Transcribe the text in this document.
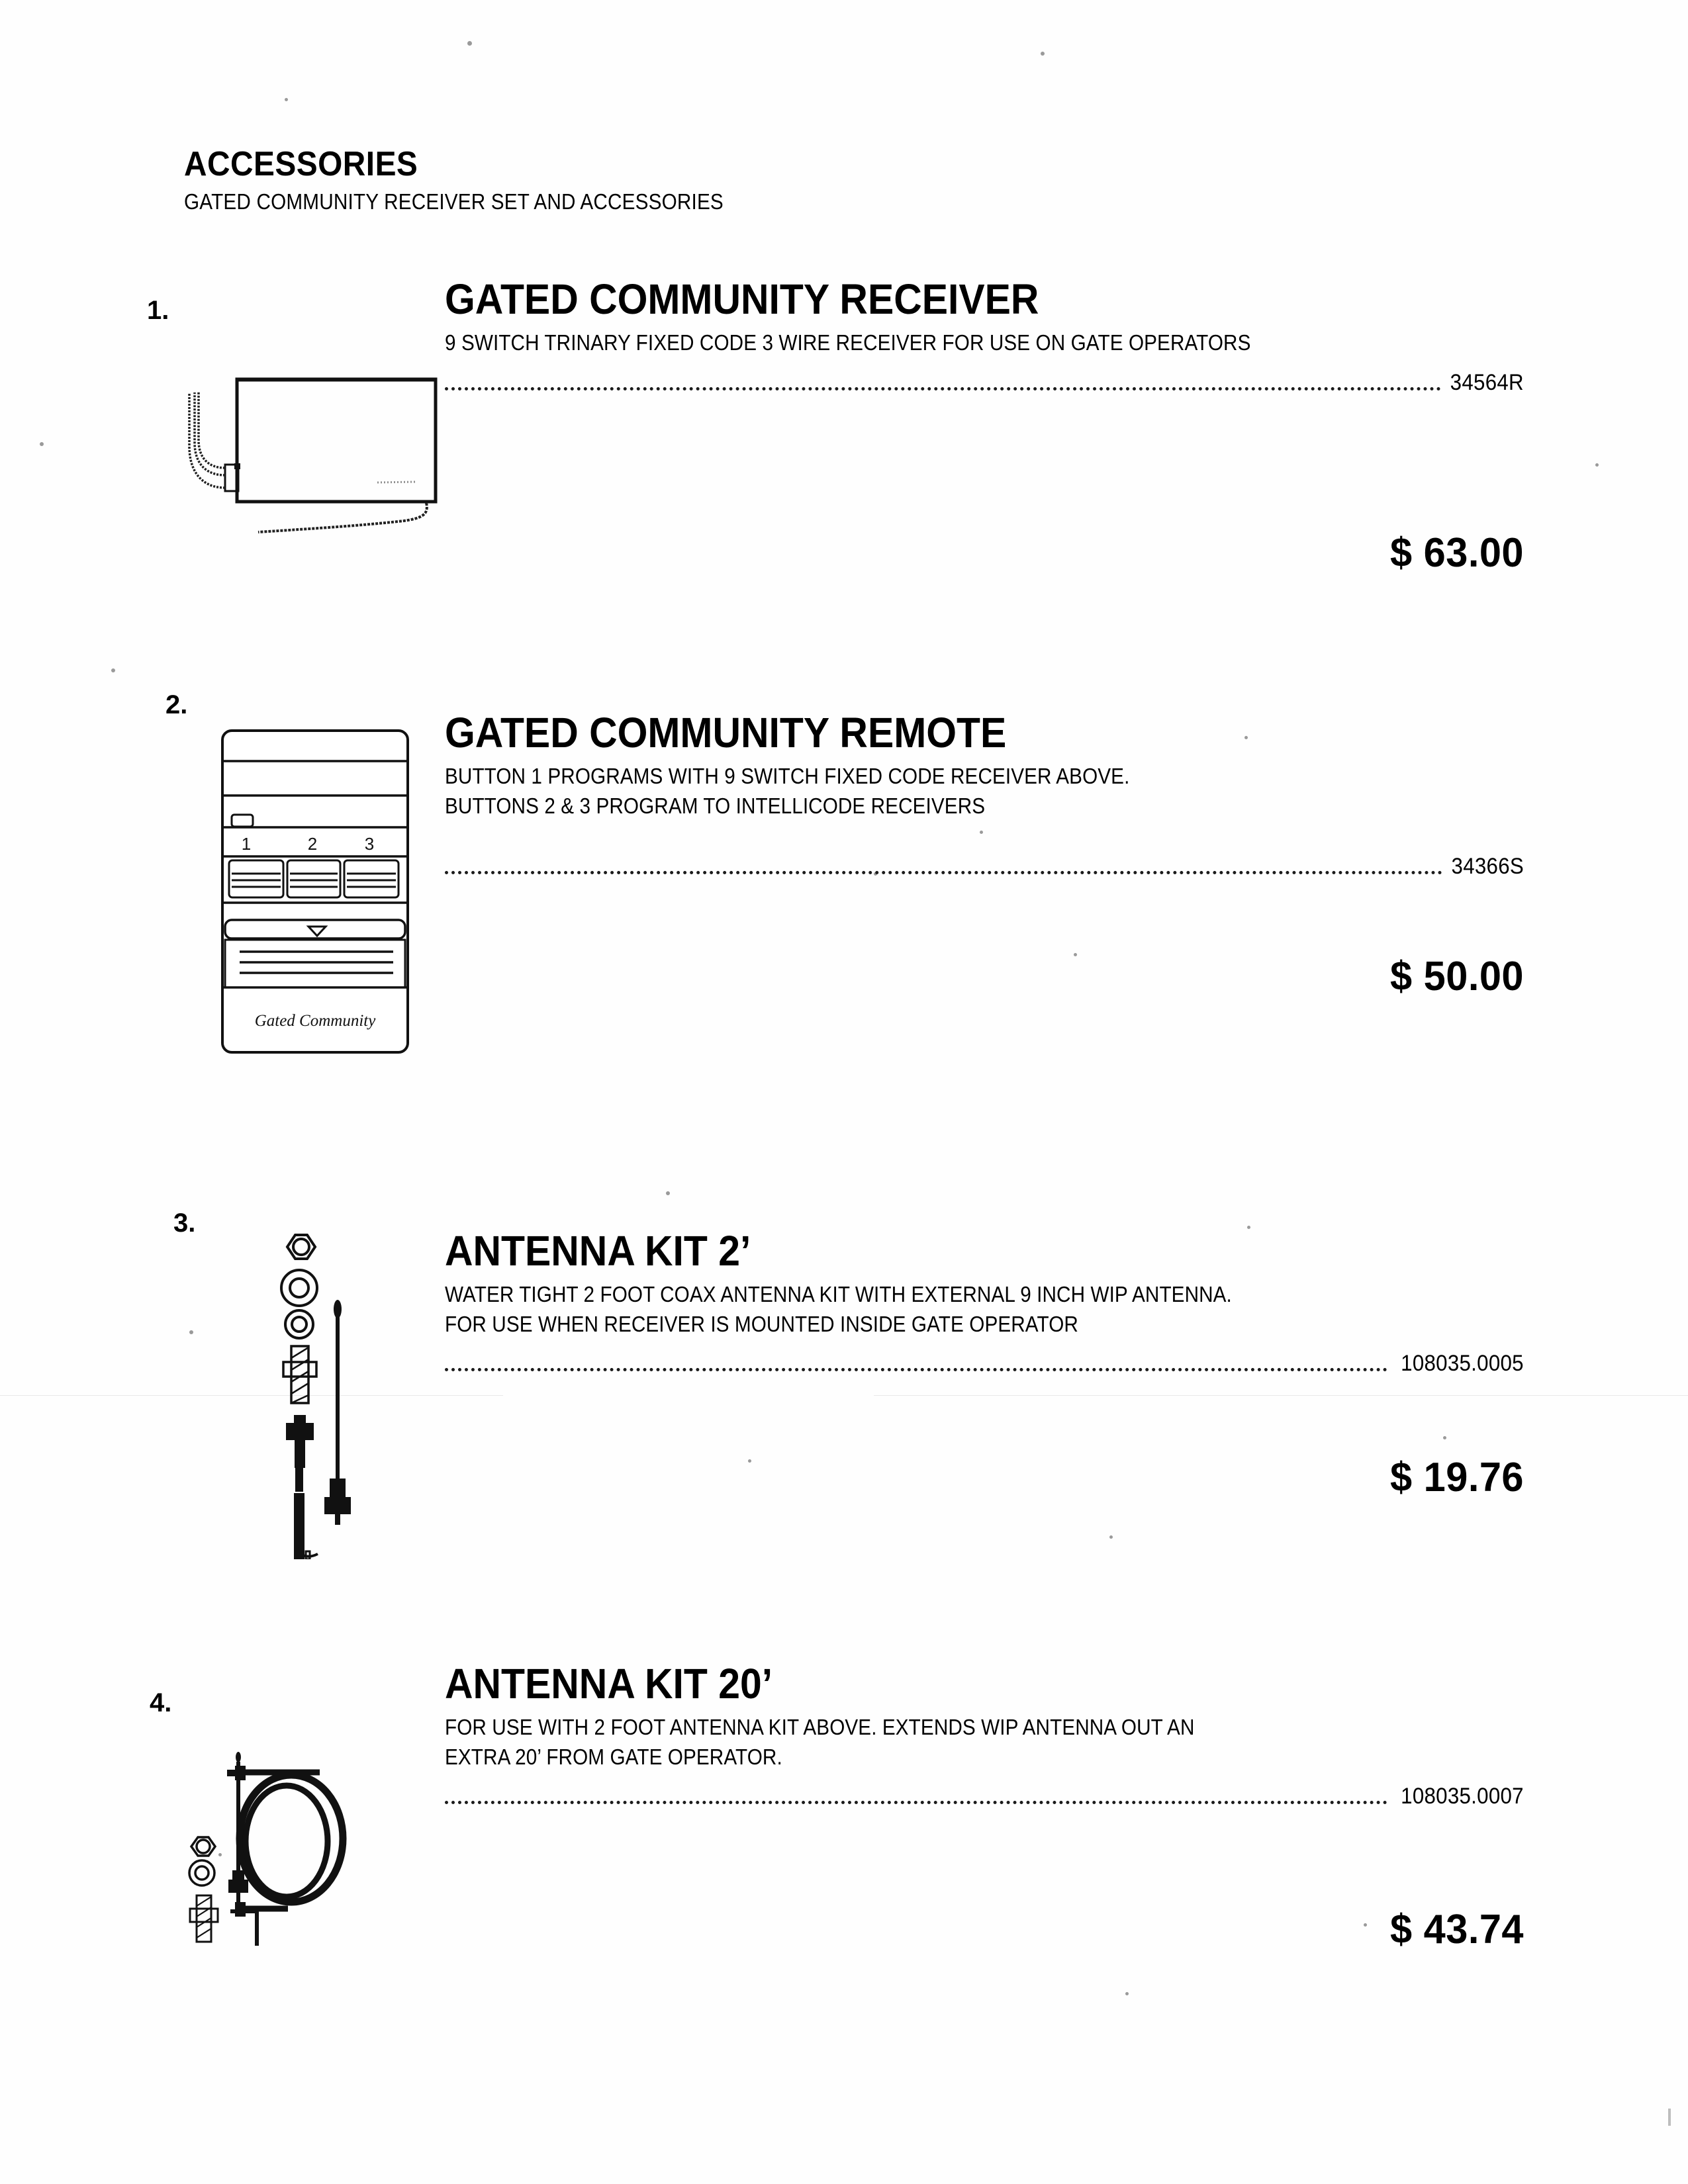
ACCESSORIES
GATED COMMUNITY RECEIVER SET AND ACCESSORIES
1.	GATED COMMUNITY RECEIVER
9 SWITCH TRINARY FIXED CODE 3 WIRE RECEIVER FOR USE ON GATE OPERATORS
34564R
$ 63.00
2.
1	2	3
Gated Community
GATED COMMUNITY REMOTE
BUTTON 1 PROGRAMS WITH 9 SWITCH FIXED CODE RECEIVER ABOVE.
BUTTONS 2 & 3 PROGRAM TO INTELLICODE RECEIVERS
34366S
$ 50.00
3.
ANTENNA KIT 2’
WATER TIGHT 2 FOOT COAX ANTENNA KIT WITH EXTERNAL 9 INCH WIP ANTENNA.
FOR USE WHEN RECEIVER IS MOUNTED INSIDE GATE OPERATOR
108035.0005
$ 19.76
4.	ANTENNA KIT 20’
FOR USE WITH 2 FOOT ANTENNA KIT ABOVE. EXTENDS WIP ANTENNA OUT AN
EXTRA 20’ FROM GATE OPERATOR.
108035.0007
$ 43.74
